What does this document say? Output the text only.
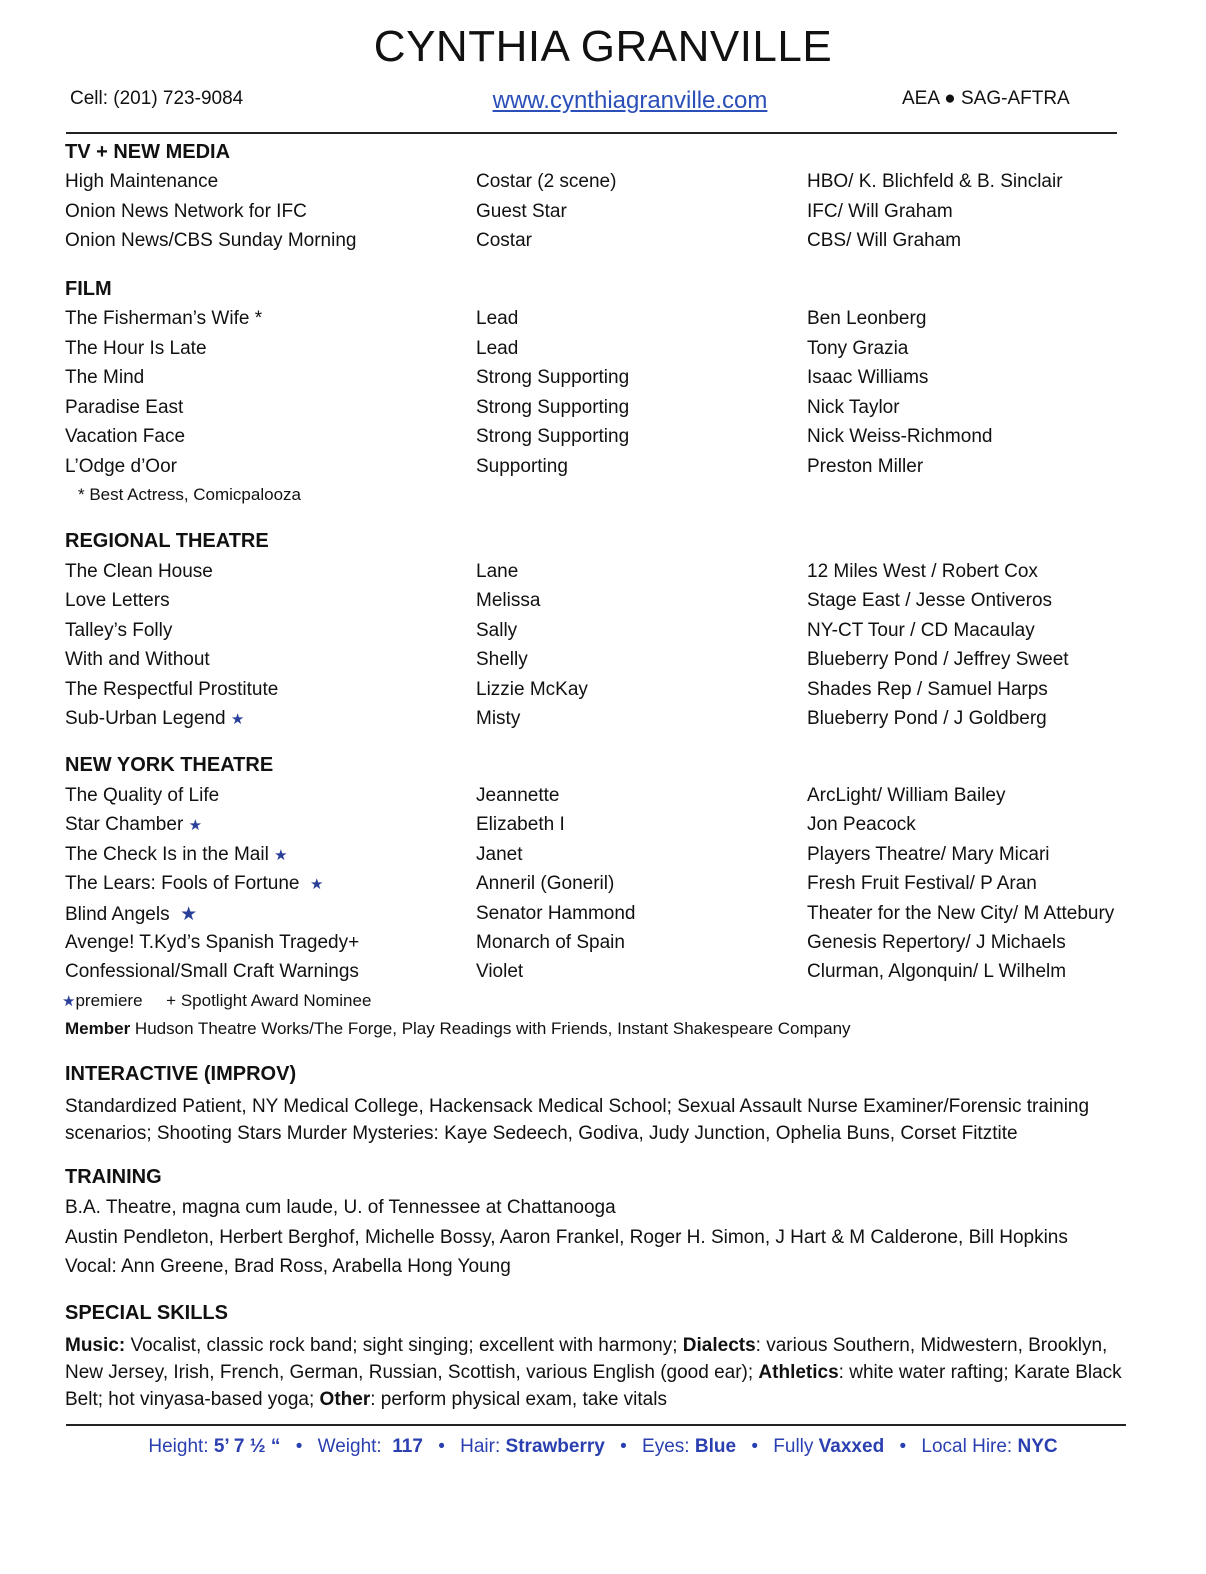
CYNTHIA GRANVILLE
Cell: (201) 723-9084	www.cynthiagranville.com	AEA ● SAG-AFTRA
TV + NEW MEDIA
High Maintenance	Costar (2 scene)	HBO/ K. Blichfeld & B. Sinclair
Onion News Network for IFC	Guest Star	IFC/ Will Graham
Onion News/CBS Sunday Morning	Costar	CBS/ Will Graham
FILM
The Fisherman’s Wife *	Lead	Ben Leonberg
The Hour Is Late	Lead	Tony Grazia
The Mind	Strong Supporting	Isaac Williams
Paradise East	Strong Supporting	Nick Taylor
Vacation Face	Strong Supporting	Nick Weiss-Richmond
L’Odge d’Oor	Supporting	Preston Miller
* Best Actress, Comicpalooza
REGIONAL THEATRE
The Clean House	Lane	12 Miles West / Robert Cox
Love Letters	Melissa	Stage East / Jesse Ontiveros
Talley’s Folly	Sally	NY-CT Tour / CD Macaulay
With and Without	Shelly	Blueberry Pond / Jeffrey Sweet
The Respectful Prostitute	Lizzie McKay	Shades Rep / Samuel Harps
Sub-Urban Legend ★	Misty	Blueberry Pond / J Goldberg
NEW YORK THEATRE
The Quality of Life	Jeannette	ArcLight/ William Bailey
Star Chamber ★	Elizabeth I	Jon Peacock
The Check Is in the Mail ★	Janet	Players Theatre/ Mary Micari
The Lears: Fools of Fortune ★	Anneril (Goneril)	Fresh Fruit Festival/ P Aran
Blind Angels ★	Senator Hammond	Theater for the New City/ M Attebury
Avenge! T.Kyd’s Spanish Tragedy+	Monarch of Spain	Genesis Repertory/ J Michaels
Confessional/Small Craft Warnings	Violet	Clurman, Algonquin/ L Wilhelm
★premiere + Spotlight Award Nominee
Member Hudson Theatre Works/The Forge, Play Readings with Friends, Instant Shakespeare Company
INTERACTIVE (IMPROV)
Standardized Patient, NY Medical College, Hackensack Medical School; Sexual Assault Nurse Examiner/Forensic training scenarios; Shooting Stars Murder Mysteries: Kaye Sedeech, Godiva, Judy Junction, Ophelia Buns, Corset Fitztite
TRAINING
B.A. Theatre, magna cum laude, U. of Tennessee at Chattanooga
Austin Pendleton, Herbert Berghof, Michelle Bossy, Aaron Frankel, Roger H. Simon, J Hart & M Calderone, Bill Hopkins
Vocal: Ann Greene, Brad Ross, Arabella Hong Young
SPECIAL SKILLS
Music: Vocalist, classic rock band; sight singing; excellent with harmony; Dialects: various Southern, Midwestern, Brooklyn, New Jersey, Irish, French, German, Russian, Scottish, various English (good ear); Athletics: white water rafting; Karate Black Belt; hot vinyasa-based yoga; Other: perform physical exam, take vitals
Height: 5’ 7 ½ “ • Weight: 117 • Hair: Strawberry • Eyes: Blue • Fully Vaxxed • Local Hire: NYC
